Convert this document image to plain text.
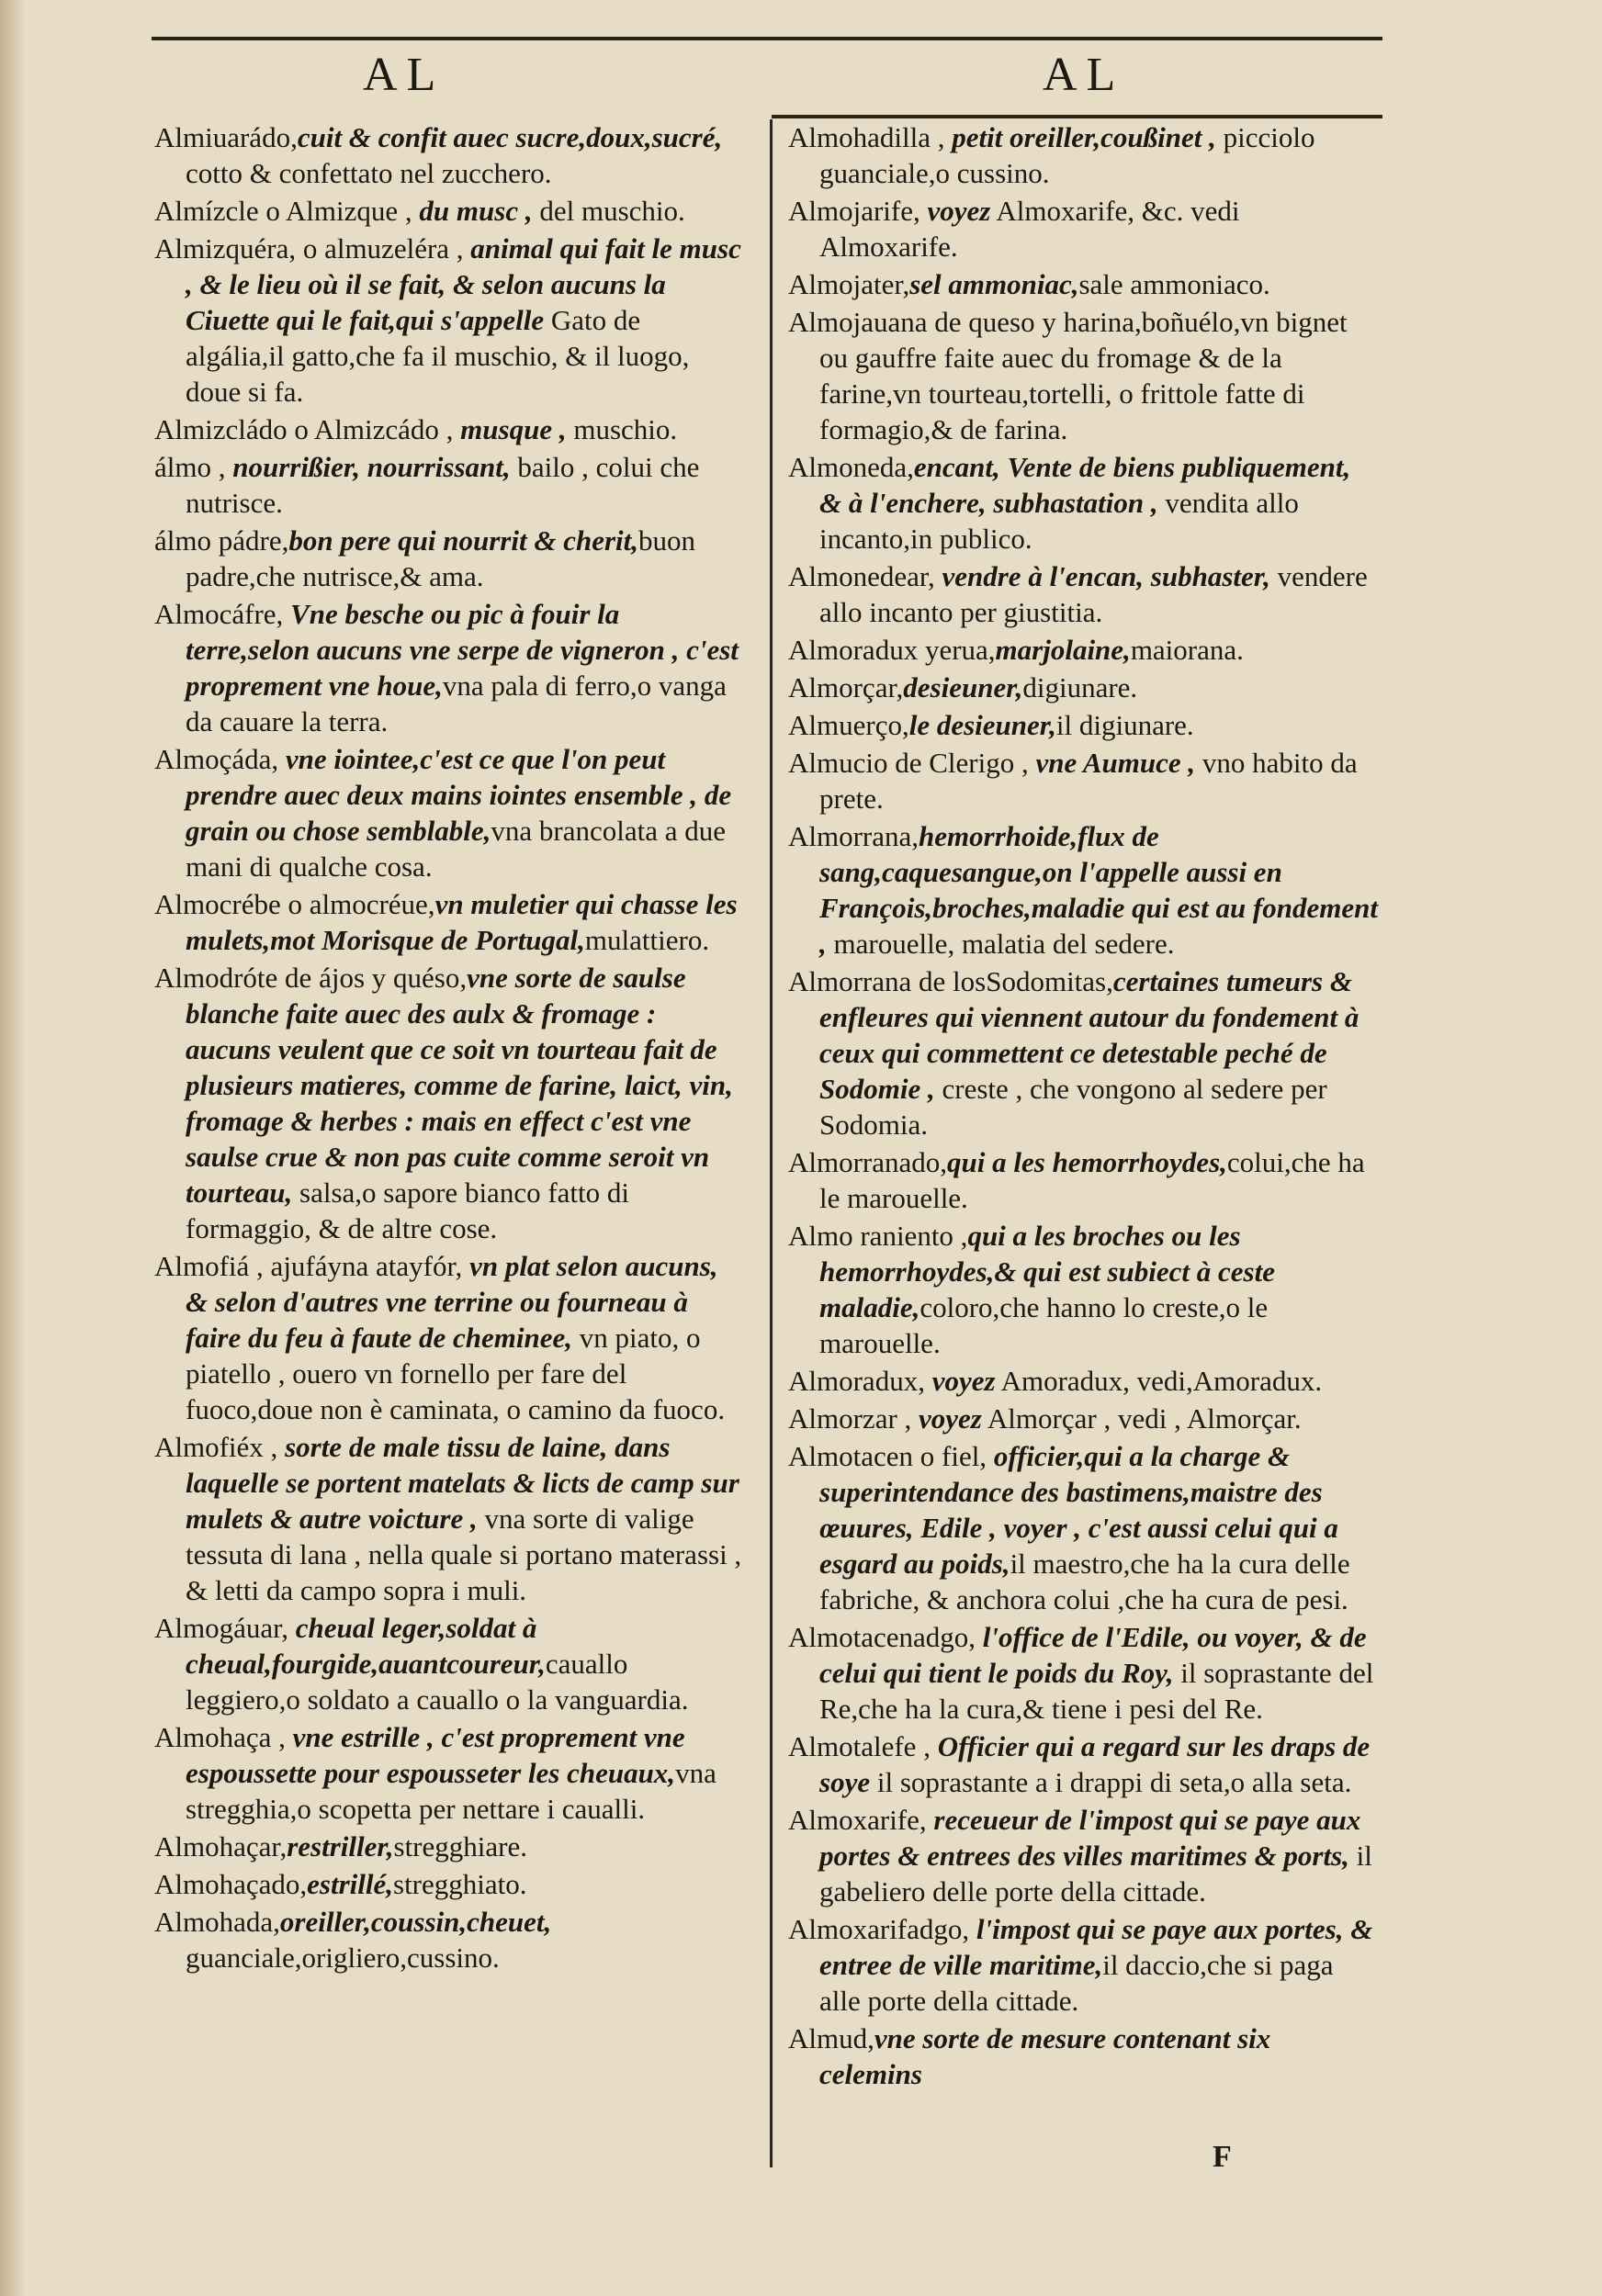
AL	AL
Almiuarádo,cuit & confit auec sucre,doux,sucré, cotto & confettato nel zucchero.
Almízcle o Almizque , du musc , del muschio.
Almizquéra, o almuzeléra , animal qui fait le musc , & le lieu où il se fait, & selon aucuns la Ciuette qui le fait,qui s'appelle Gato de algália,il gatto,che fa il muschio, & il luogo, doue si fa.
Almizcládo o Almizcádo , musque , muschio.
álmo , nourrißier, nourrissant, bailo , colui che nutrisce.
álmo pádre,bon pere qui nourrit & cherit,buon padre,che nutrisce,& ama.
Almocáfre, Vne besche ou pic à fouir la terre,selon aucuns vne serpe de vigneron , c'est proprement vne houe,vna pala di ferro,o vanga da cauare la terra.
Almoçáda, vne iointee,c'est ce que l'on peut prendre auec deux mains iointes ensemble , de grain ou chose semblable,vna brancolata a due mani di qualche cosa.
Almocrébe o almocréue,vn muletier qui chasse les mulets,mot Morisque de Portugal,mulattiero.
Almodróte de ájos y quéso,vne sorte de saulse blanche faite auec des aulx & fromage : aucuns veulent que ce soit vn tourteau fait de plusieurs matieres, comme de farine, laict, vin, fromage & herbes : mais en effect c'est vne saulse crue & non pas cuite comme seroit vn tourteau, salsa,o sapore bianco fatto di formaggio, & de altre cose.
Almofiá , ajufáyna atayfór, vn plat selon aucuns, & selon d'autres vne terrine ou fourneau à faire du feu à faute de cheminee, vn piato, o piatello , ouero vn fornello per fare del fuoco,doue non è caminata, o camino da fuoco.
Almofiéx , sorte de male tissu de laine, dans laquelle se portent matelats & licts de camp sur mulets & autre voicture , vna sorte di valige tessuta di lana , nella quale si portano materassi , & letti da campo sopra i muli.
Almogáuar, cheual leger,soldat à cheual,fourgide,auantcoureur,cauallo leggiero,o soldato a cauallo o la vanguardia.
Almohaça , vne estrille , c'est proprement vne espoussette pour espousseter les cheuaux,vna stregghia,o scopetta per nettare i caualli.
Almohaçar,restriller,stregghiare.
Almohaçado,estrillé,stregghiato.
Almohada,oreiller,coussin,cheuet, guanciale,origliero,cussino.
Almohadilla , petit oreiller,coußinet , picciolo guanciale,o cussino.
Almojarife, voyez Almoxarife, &c. vedi Almoxarife.
Almojater,sel ammoniac,sale ammoniaco.
Almojauana de queso y harina,boñuélo,vn bignet ou gauffre faite auec du fromage & de la farine,vn tourteau,tortelli, o frittole fatte di formagio,& de farina.
Almoneda,encant, Vente de biens publiquement, & à l'enchere, subhastation , vendita allo incanto,in publico.
Almonedear, vendre à l'encan, subhaster, vendere allo incanto per giustitia.
Almoradux yerua,marjolaine,maiorana.
Almorçar,desieuner,digiunare.
Almuerço,le desieuner,il digiunare.
Almucio de Clerigo , vne Aumuce , vno habito da prete.
Almorrana,hemorrhoide,flux de sang,caquesangue,on l'appelle aussi en François,broches,maladie qui est au fondement , marouelle, malatia del sedere.
Almorrana de losSodomitas,certaines tumeurs & enfleures qui viennent autour du fondement à ceux qui commettent ce detestable peché de Sodomie , creste , che vongono al sedere per Sodomia.
Almorranado,qui a les hemorrhoydes,colui,che ha le marouelle.
Almo raniento ,qui a les broches ou les hemorrhoydes,& qui est subiect à ceste maladie,coloro,che hanno lo creste,o le marouelle.
Almoradux, voyez Amoradux, vedi,Amoradux.
Almorzar , voyez Almorçar , vedi , Almorçar.
Almotacen o fiel, officier,qui a la charge & superintendance des bastimens,maistre des œuures, Edile , voyer , c'est aussi celui qui a esgard au poids,il maestro,che ha la cura delle fabriche, & anchora colui ,che ha cura de pesi.
Almotacenadgo, l'office de l'Edile, ou voyer, & de celui qui tient le poids du Roy, il soprastante del Re,che ha la cura,& tiene i pesi del Re.
Almotalefe , Officier qui a regard sur les draps de soye il soprastante a i drappi di seta,o alla seta.
Almoxarife, receueur de l'impost qui se paye aux portes & entrees des villes maritimes & ports, il gabeliero delle porte della cittade.
Almoxarifadgo, l'impost qui se paye aux portes, & entree de ville maritime,il daccio,che si paga alle porte della cittade.
Almud,vne sorte de mesure contenant six celemins
F
